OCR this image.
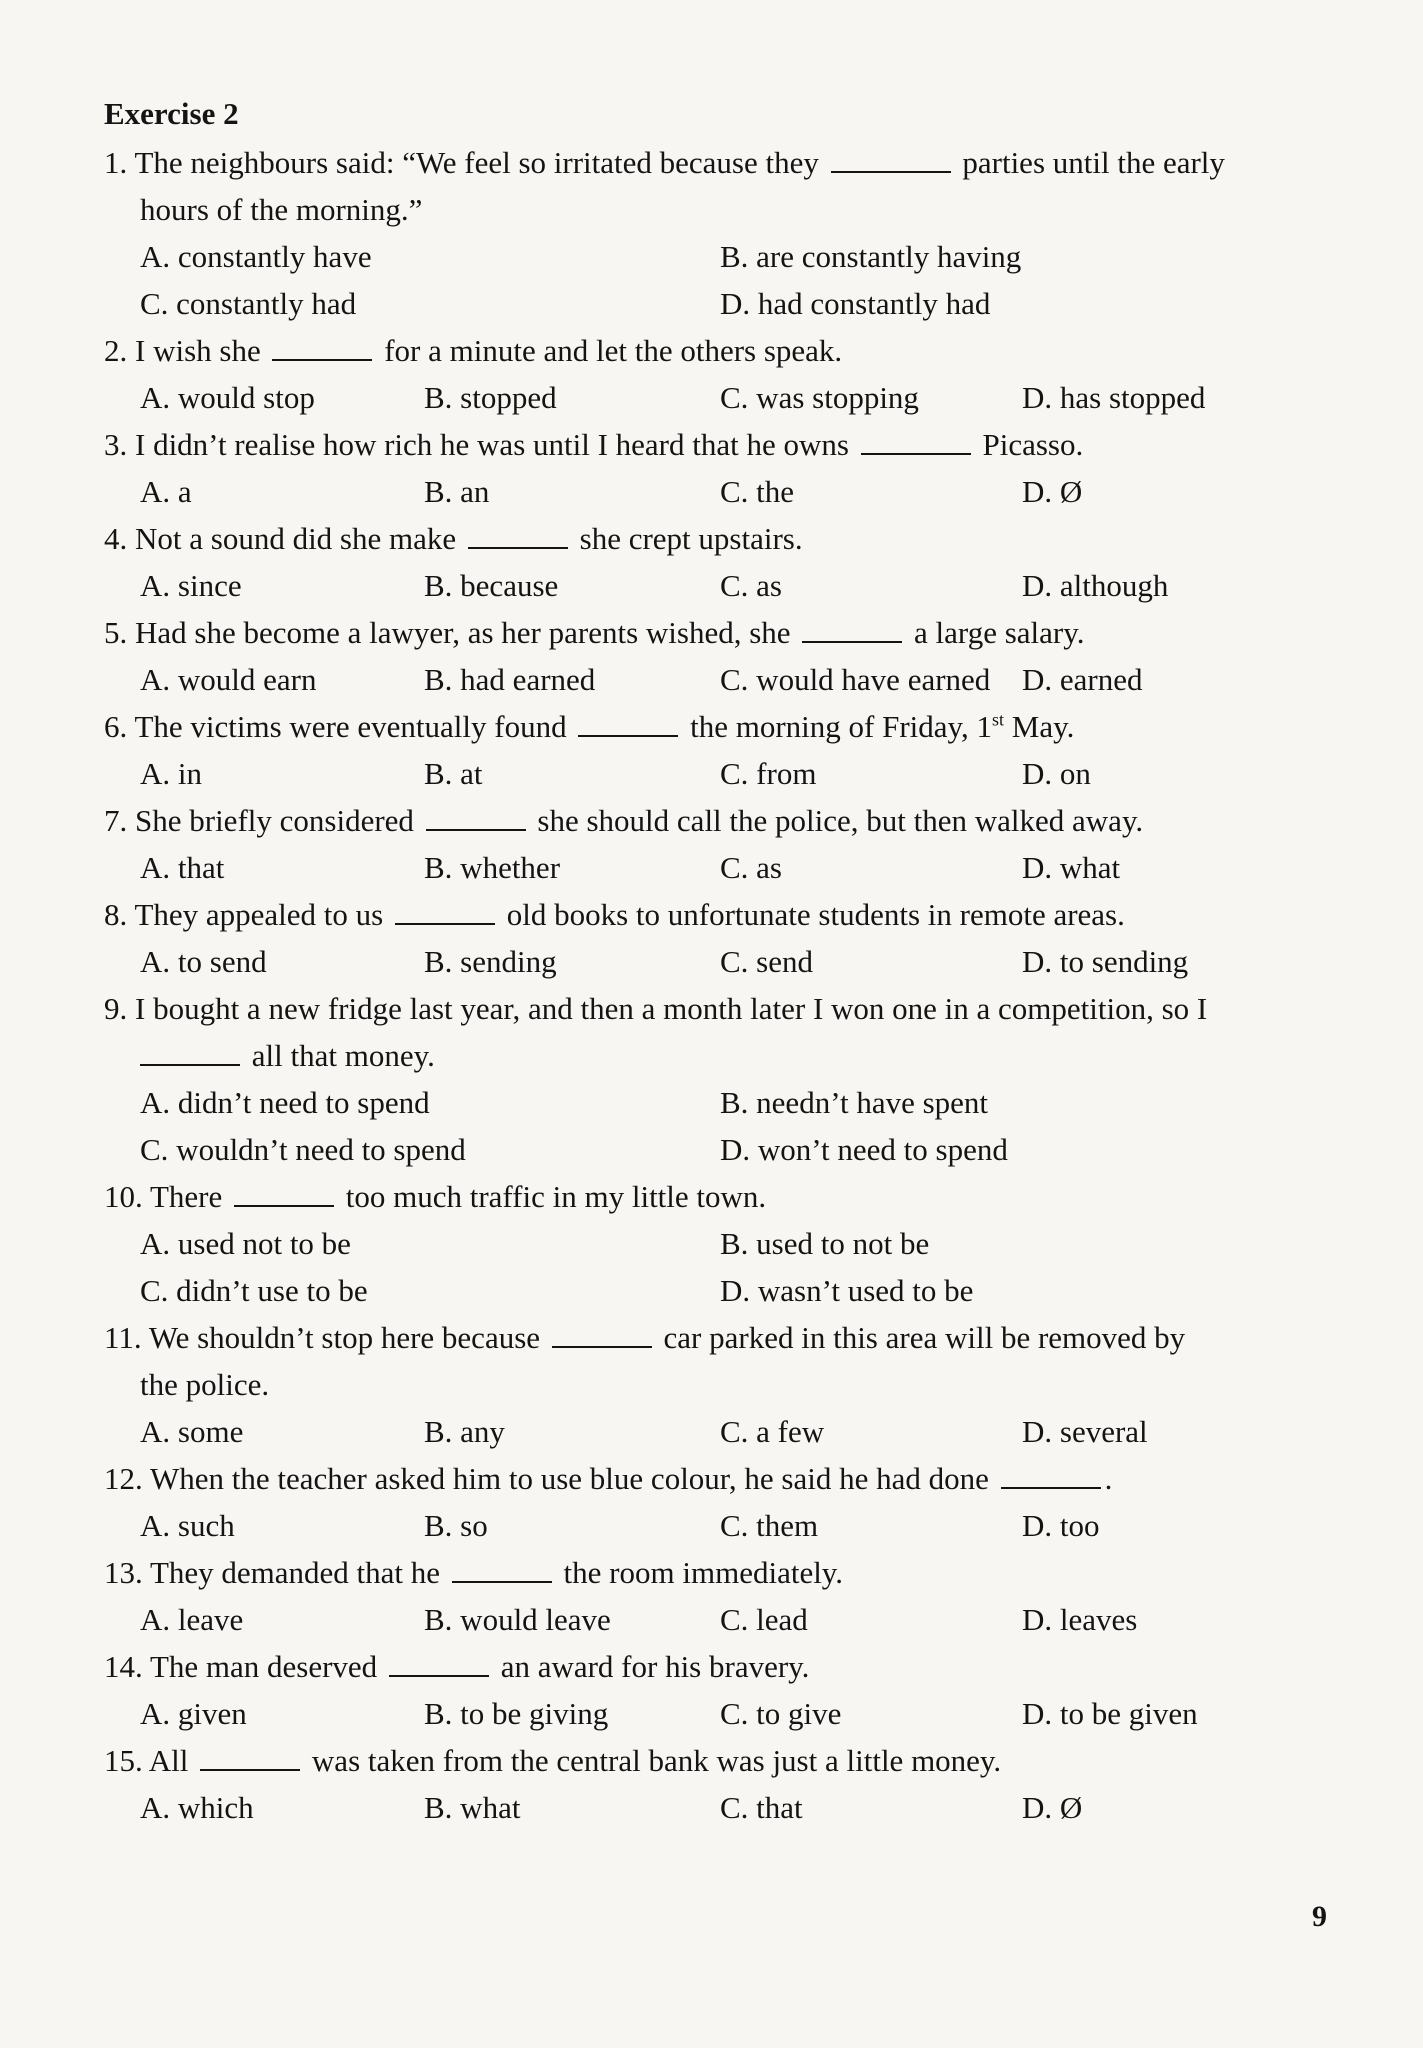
Exercise 2
1. The neighbours said: “We feel so irritated because they	parties until the early
hours of the morning.”
A. constantly have	B. are constantly having
C. constantly had	D. had constantly had
2. I wish she	for a minute and let the others speak.
A. would stop	B. stopped	C. was stopping	D. has stopped
3. I didn’t realise how rich he was until I heard that he owns	Picasso.
A. a	B. an	C. the	D. Ø
4. Not a sound did she make	she crept upstairs.
A. since	B. because	C. as	D. although
5. Had she become a lawyer, as her parents wished, she	a large salary.
A. would earn	B. had earned	C. would have earned D. earned
6. The victims were eventually found	the morning of Friday, 1st May.
A. in	B. at	C. from	D. on
7. She briefly considered	she should call the police, but then walked away.
A. that	B. whether	C. as	D. what
8. They appealed to us	old books to unfortunate students in remote areas.
A. to send	B. sending	C. send	D. to sending
9. I bought a new fridge last year, and then a month later I won one in a competition, so I
all that money.
A. didn’t need to spend	B. needn’t have spent
C. wouldn’t need to spend	D. won’t need to spend
10. There	too much traffic in my little town.
A. used not to be	B. used to not be
C. didn’t use to be	D. wasn’t used to be
11. We shouldn’t stop here because	car parked in this area will be removed by
the police.
A. some	B. any	C. a few	D. several
12. When the teacher asked him to use blue colour, he said he had done	.
A. such	B. so	C. them	D. too
13. They demanded that he	the room immediately.
A. leave	B. would leave	C. lead	D. leaves
14. The man deserved	an award for his bravery.
A. given	B. to be giving	C. to give	D. to be given
15. All	was taken from the central bank was just a little money.
A. which	B. what	C. that	D. Ø
9
